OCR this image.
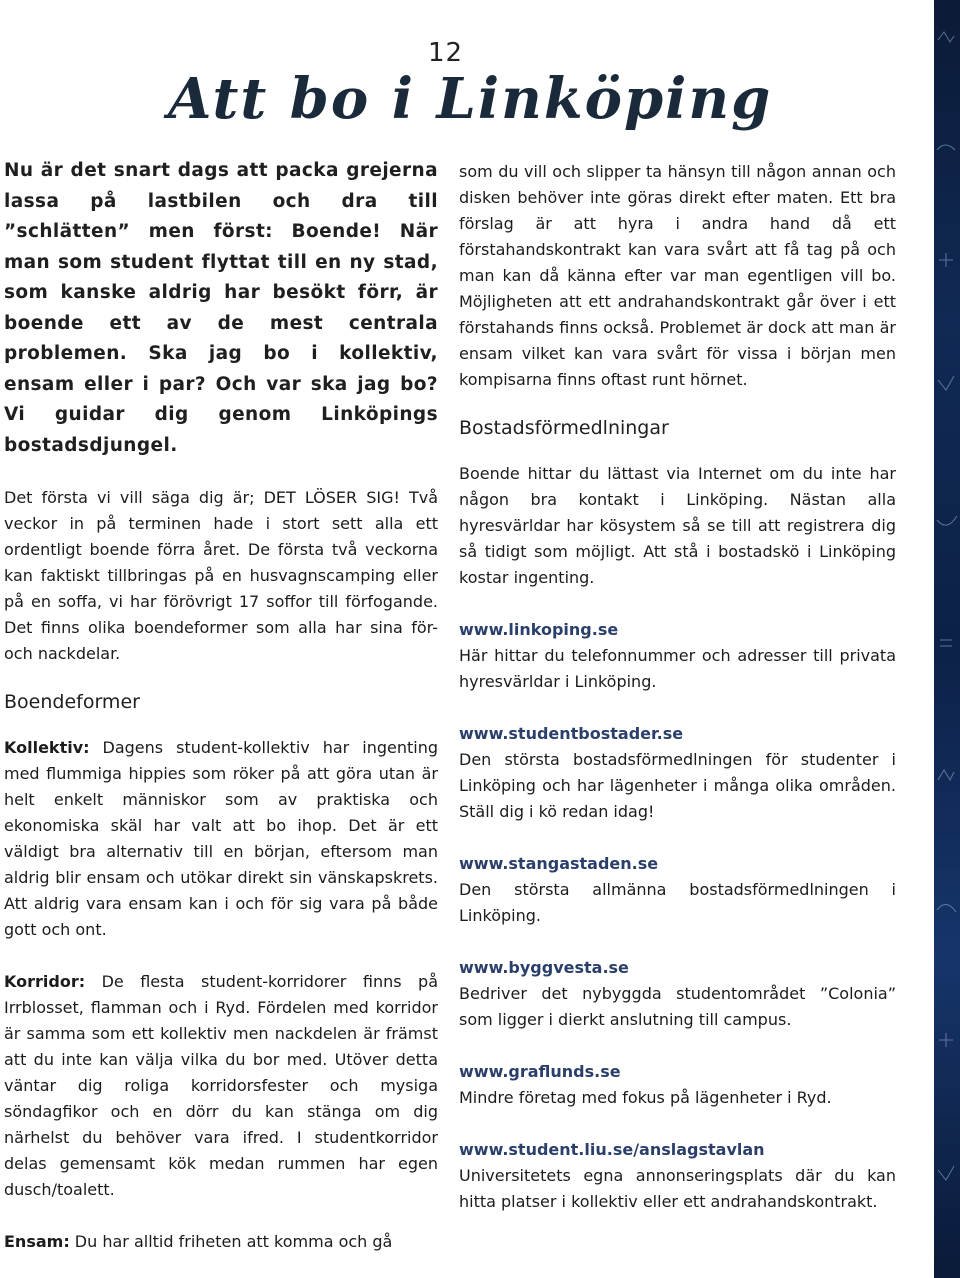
12
Att bo i Linköping

Nu är det snart dags att packa grejerna lassa på lastbilen och dra till ”schlätten” men först: Boende! När man som student flyttat till en ny stad, som kanske aldrig har besökt förr, är boende ett av de mest centrala problemen. Ska jag bo i kollektiv, ensam eller i par? Och var ska jag bo? Vi guidar dig genom Linköpings bostadsdjungel.

Det första vi vill säga dig är; DET LÖSER SIG! Två veckor in på terminen hade i stort sett alla ett ordentligt boende förra året. De första två veckorna kan faktiskt tillbringas på en husvagnscamping eller på en soffa, vi har förövrigt 17 soffor till förfogande. Det finns olika boendeformer som alla har sina för- och nackdelar.

Boendeformer

Kollektiv: Dagens student-kollektiv har ingenting med flummiga hippies som röker på att göra utan är helt enkelt människor som av praktiska och ekonomiska skäl har valt att bo ihop. Det är ett väldigt bra alternativ till en början, eftersom man aldrig blir ensam och utökar direkt sin vänskapskrets. Att aldrig vara ensam kan i och för sig vara på både gott och ont.

Korridor: De flesta student-korridorer finns på Irrblosset, flamman och i Ryd. Fördelen med korridor är samma som ett kollektiv men nackdelen är främst att du inte kan välja vilka du bor med. Utöver detta väntar dig roliga korridorsfester och mysiga söndagfikor och en dörr du kan stänga om dig närhelst du behöver vara ifred. I studentkorridor delas gemensamt kök medan rummen har egen dusch/toalett.

Ensam: Du har alltid friheten att komma och gå

som du vill och slipper ta hänsyn till någon annan och disken behöver inte göras direkt efter maten. Ett bra förslag är att hyra i andra hand då ett förstahandskontrakt kan vara svårt att få tag på och man kan då känna efter var man egentligen vill bo. Möjligheten att ett andrahandskontrakt går över i ett förstahands finns också. Problemet är dock att man är ensam vilket kan vara svårt för vissa i början men kompisarna finns oftast runt hörnet.

Bostadsförmedlningar

Boende hittar du lättast via Internet om du inte har någon bra kontakt i Linköping. Nästan alla hyresvärldar har kösystem så se till att registrera dig så tidigt som möjligt. Att stå i bostadskö i Linköping kostar ingenting.

www.linkoping.se

Här hittar du telefonnummer och adresser till privata hyresvärldar i Linköping.

www.studentbostader.se

Den största bostadsförmedlningen för studenter i Linköping och har lägenheter i många olika områden. Ställ dig i kö redan idag!

www.stangastaden.se

Den största allmänna bostadsförmedlningen i Linköping.

www.byggvesta.se

Bedriver det nybyggda studentområdet ”Colonia” som ligger i dierkt anslutning till campus.

www.graflunds.se

Mindre företag med fokus på lägenheter i Ryd.

www.student.liu.se/anslagstavlan

Universitetets egna annonseringsplats där du kan hitta platser i kollektiv eller ett andrahandskontrakt.
